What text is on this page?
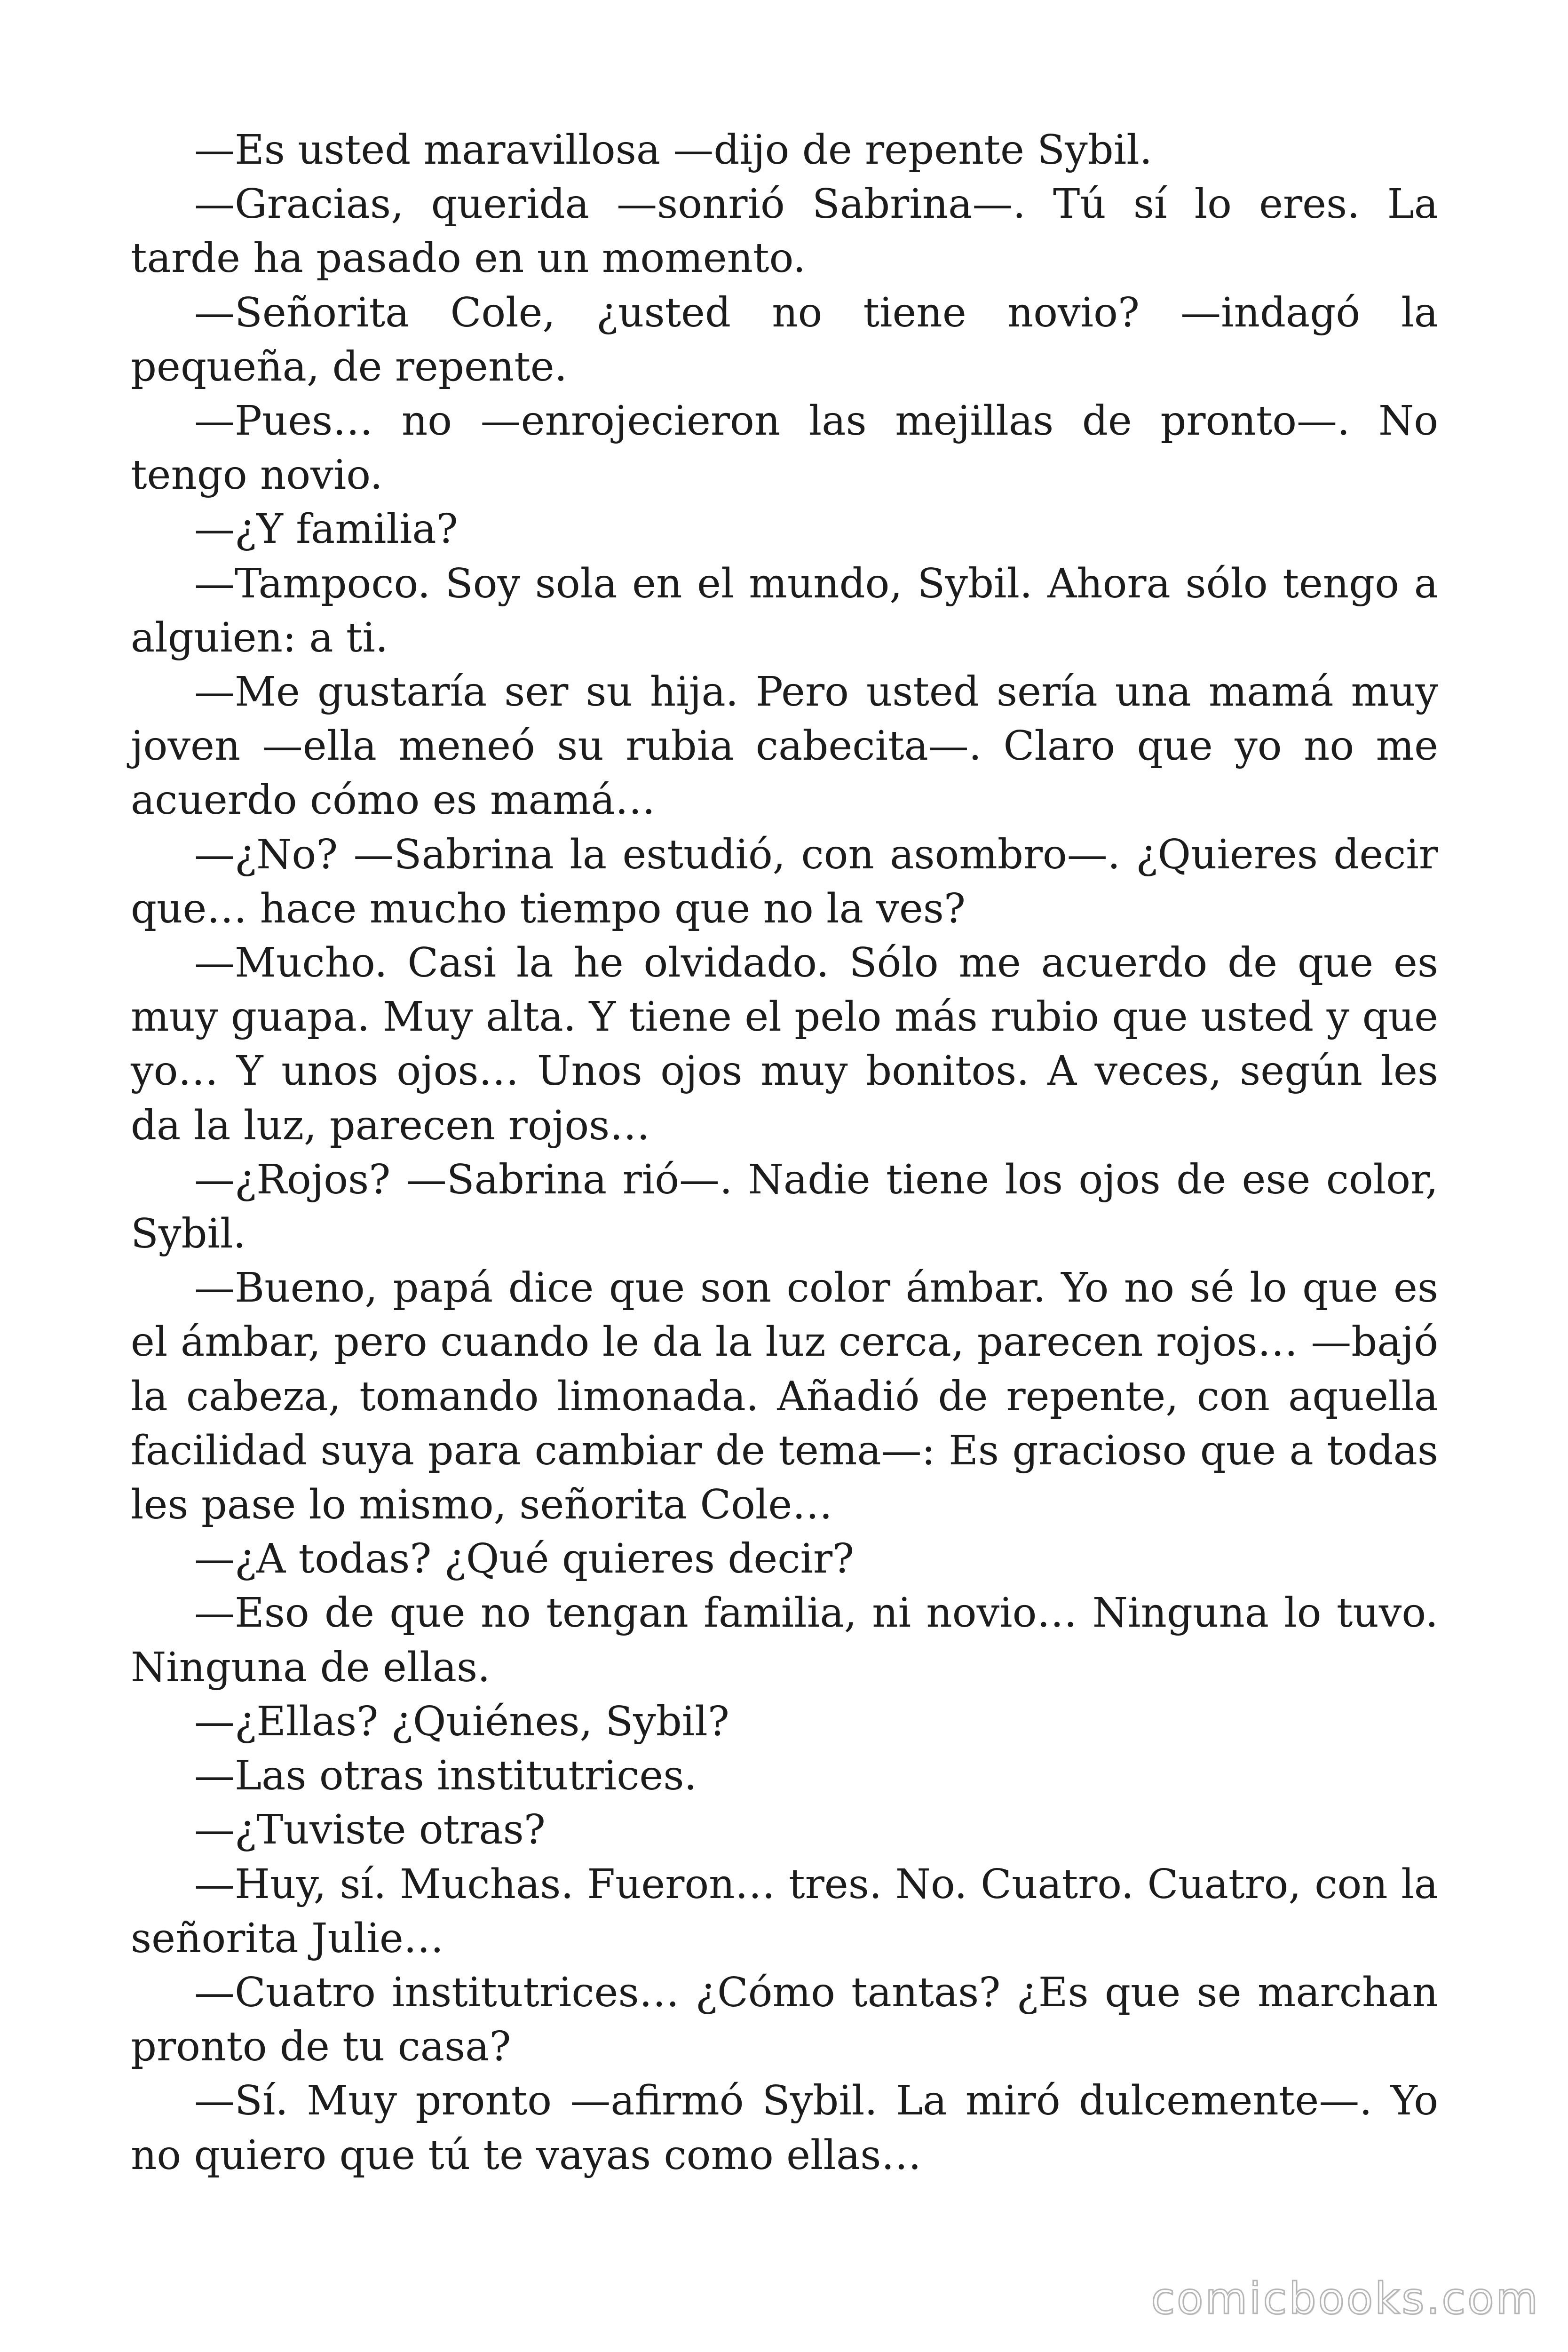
—Es usted maravillosa —dijo de repente Sybil.

—Gracias, querida —sonrió Sabrina—. Tú sí lo eres. La tarde ha pasado en un momento.

—Señorita Cole, ¿usted no tiene novio? —indagó la pequeña, de repente.

—Pues… no —enrojecieron las mejillas de pronto—. No tengo novio.

—¿Y familia?

—Tampoco. Soy sola en el mundo, Sybil. Ahora sólo tengo a alguien: a ti.

—Me gustaría ser su hija. Pero usted sería una mamá muy joven —ella meneó su rubia cabecita—. Claro que yo no me acuerdo cómo es mamá…

—¿No? —Sabrina la estudió, con asombro—. ¿Quieres decir que… hace mucho tiempo que no la ves?

—Mucho. Casi la he olvidado. Sólo me acuerdo de que es muy guapa. Muy alta. Y tiene el pelo más rubio que usted y que yo… Y unos ojos… Unos ojos muy bonitos. A veces, según les da la luz, parecen rojos…

—¿Rojos? —Sabrina rió—. Nadie tiene los ojos de ese color, Sybil.

—Bueno, papá dice que son color ámbar. Yo no sé lo que es el ámbar, pero cuando le da la luz cerca, parecen rojos… —bajó la cabeza, tomando limonada. Añadió de repente, con aquella facilidad suya para cambiar de tema—: Es gracioso que a todas les pase lo mismo, señorita Cole…

—¿A todas? ¿Qué quieres decir?

—Eso de que no tengan familia, ni novio… Ninguna lo tuvo. Ninguna de ellas.

—¿Ellas? ¿Quiénes, Sybil?

—Las otras institutrices.

—¿Tuviste otras?

—Huy, sí. Muchas. Fueron… tres. No. Cuatro. Cuatro, con la señorita Julie…

—Cuatro institutrices… ¿Cómo tantas? ¿Es que se marchan pronto de tu casa?

—Sí. Muy pronto —afirmó Sybil. La miró dulcemente—. Yo no quiero que tú te vayas como ellas…

comicbooks.com
